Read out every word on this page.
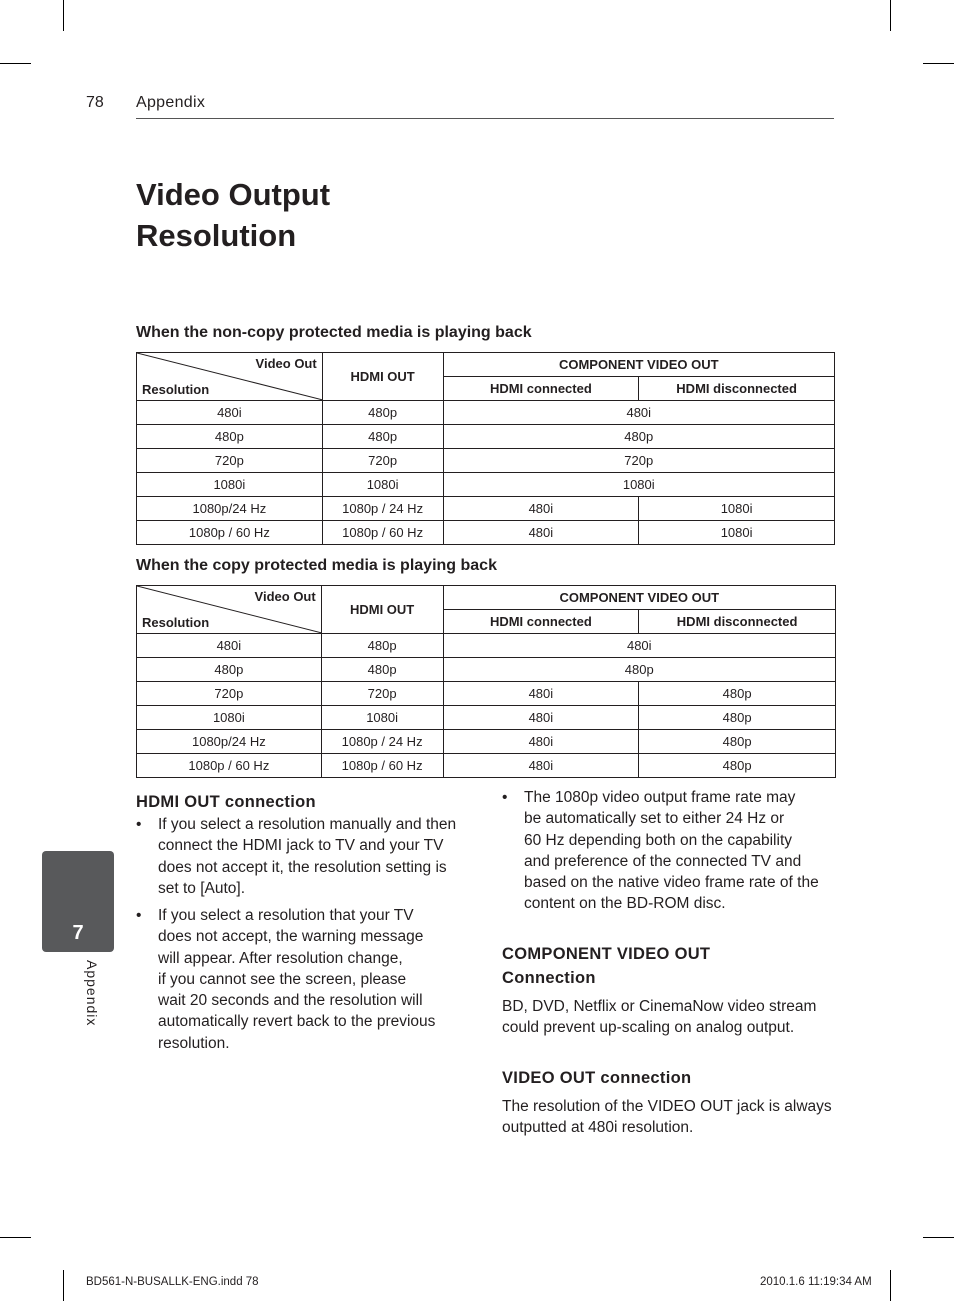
78 Appendix
Video Output
Resolution
When the non-copy protected media is playing back
Video Out
Resolution	HDMI OUT	COMPONENT VIDEO OUT	
		HDMI connected	HDMI disconnected
480i	480p	480i	
480p	480p	480p	
720p	720p	720p	
1080i	1080i	1080i	
1080p/24 Hz	1080p / 24 Hz	480i	1080i
1080p / 60 Hz	1080p / 60 Hz	480i	1080i
When the copy protected media is playing back
Video Out
Resolution	HDMI OUT	COMPONENT VIDEO OUT	
		HDMI connected	HDMI disconnected
480i	480p	480i	
480p	480p	480p	
720p	720p	480i	480p
1080i	1080i	480i	480p
1080p/24 Hz	1080p / 24 Hz	480i	480p
1080p / 60 Hz	1080p / 60 Hz	480i	480p
HDMI OUT connection
• If you select a resolution manually and then
connect the HDMI jack to TV and your TV
does not accept it, the resolution setting is
set to [Auto].
• If you select a resolution that your TV
does not accept, the warning message
will appear. After resolution change,
if you cannot see the screen, please
wait 20 seconds and the resolution will
automatically revert back to the previous
resolution.
• The 1080p video output frame rate may
be automatically set to either 24 Hz or
60 Hz depending both on the capability
and preference of the connected TV and
based on the native video frame rate of the
content on the BD-ROM disc.
COMPONENT VIDEO OUT
Connection
BD, DVD, Netflix or CinemaNow video stream
could prevent up-scaling on analog output.
VIDEO OUT connection
The resolution of the VIDEO OUT jack is always
outputted at 480i resolution.
7
Appendix
BD561-N-BUSALLK-ENG.indd 78	2010.1.6 11:19:34 AM
